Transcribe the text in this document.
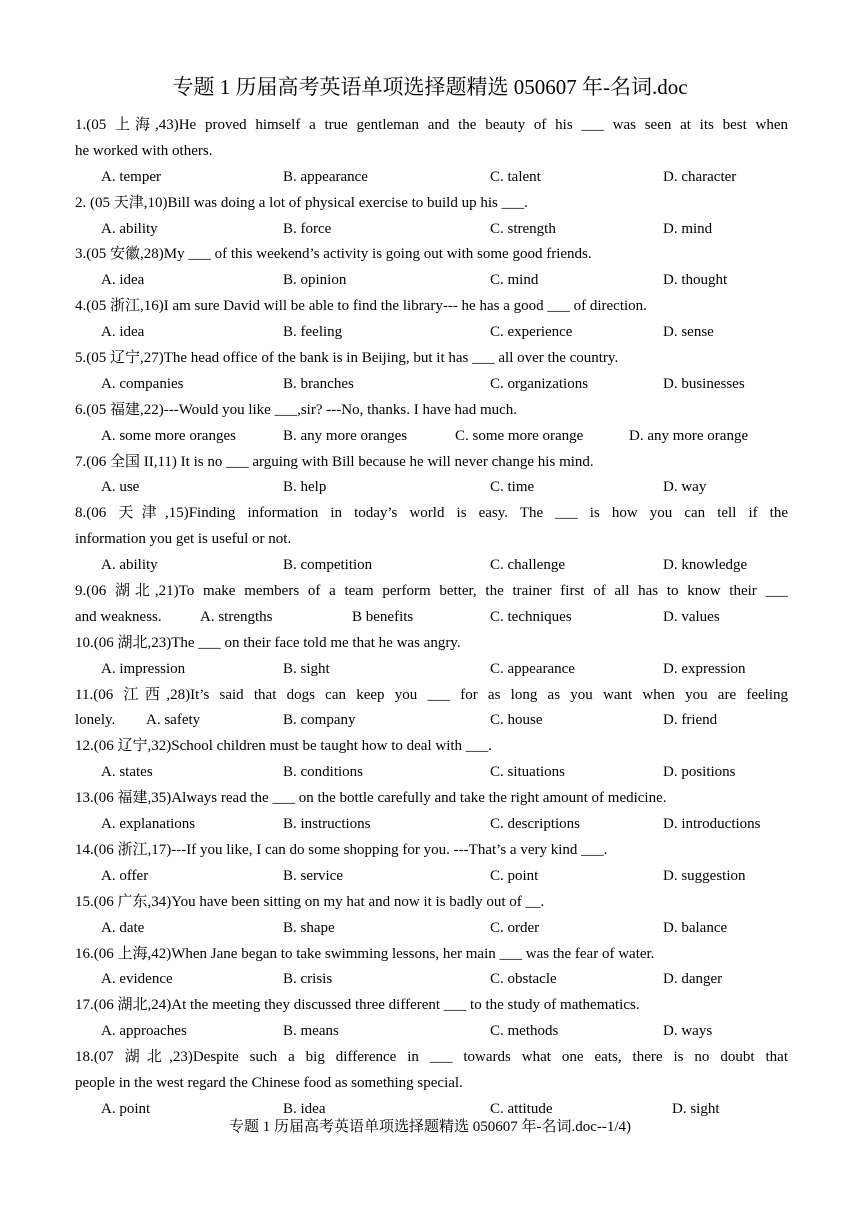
专题 1 历届高考英语单项选择题精选 050607 年-名词.doc
1.(05 上海,43)He proved himself a true gentleman and the beauty of his ___ was seen at its best when
he worked with others.
A. temper	B. appearance	C. talent	D. character
2. (05 天津,10)Bill was doing a lot of physical exercise to build up his ___.
A. ability	B. force	C. strength	D. mind
3.(05 安徽,28)My ___ of this weekend’s activity is going out with some good friends.
A. idea	B. opinion	C. mind	D. thought
4.(05 浙江,16)I am sure David will be able to find the library--- he has a good ___ of direction.
A. idea	B. feeling	C. experience	D. sense
5.(05 辽宁,27)The head office of the bank is in Beijing, but it has ___ all over the country.
A. companies	B. branches	C. organizations	D. businesses
6.(05 福建,22)---Would you like ___,sir? ---No, thanks. I have had much.
A. some more oranges	B. any more oranges	C. some more orange	D. any more orange
7.(06 全国 II,11) It is no ___ arguing with Bill because he will never change his mind.
A. use	B. help	C. time	D. way
8.(06 天津,15)Finding information in today’s world is easy. The ___ is how you can tell if the
information you get is useful or not.
A. ability	B. competition	C. challenge	D. knowledge
9.(06 湖北,21)To make members of a team perform better, the trainer first of all has to know their ___
and weakness.	A. strengths	B benefits	C. techniques	D. values
10.(06 湖北,23)The ___ on their face told me that he was angry.
A. impression	B. sight	C. appearance	D. expression
11.(06 江西,28)It’s said that dogs can keep you ___ for as long as you want when you are feeling
lonely. A. safety	B. company	C. house	D. friend
12.(06 辽宁,32)School children must be taught how to deal with ___.
A. states	B. conditions	C. situations	D. positions
13.(06 福建,35)Always read the ___ on the bottle carefully and take the right amount of medicine.
A. explanations	B. instructions	C. descriptions	D. introductions
14.(06 浙江,17)---If you like, I can do some shopping for you. ---That’s a very kind ___.
A. offer	B. service	C. point	D. suggestion
15.(06 广东,34)You have been sitting on my hat and now it is badly out of __.
A. date	B. shape	C. order	D. balance
16.(06 上海,42)When Jane began to take swimming lessons, her main ___ was the fear of water.
A. evidence	B. crisis	C. obstacle	D. danger
17.(06 湖北,24)At the meeting they discussed three different ___ to the study of mathematics.
A. approaches	B. means	C. methods	D. ways
18.(07 湖北,23)Despite such a big difference in ___ towards what one eats, there is no doubt that
people in the west regard the Chinese food as something special.
A. point	B. idea	C. attitude	D. sight
专题 1 历届高考英语单项选择题精选 050607 年-名词.doc--1/4)
